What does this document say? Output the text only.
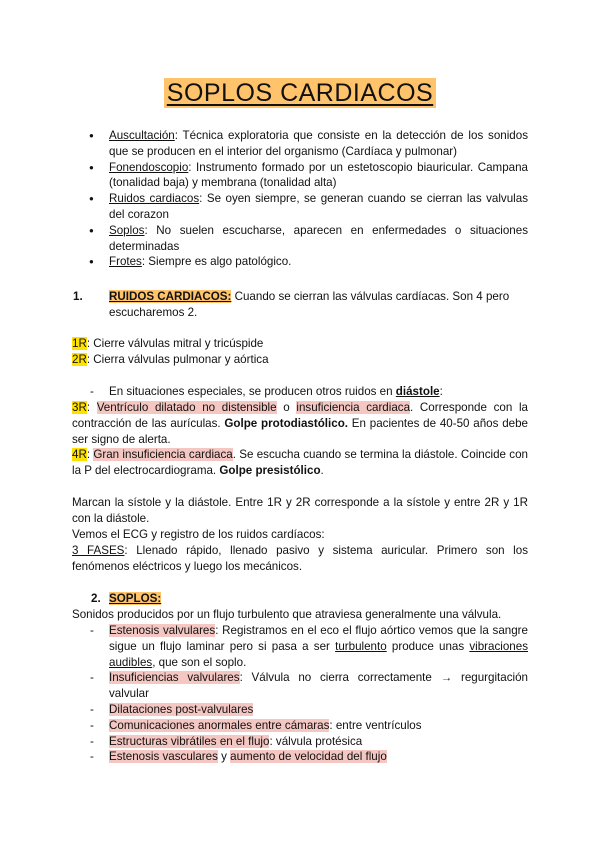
SOPLOS CARDIACOS
● Auscultación: Técnica exploratoria que consiste en la detección de los sonidos que se producen en el interior del organismo (Cardíaca y pulmonar)
● Fonendoscopio: Instrumento formado por un estetoscopio biauricular. Campana (tonalidad baja) y membrana (tonalidad alta)
● Ruidos cardiacos: Se oyen siempre, se generan cuando se cierran las valvulas del corazon
● Soplos: No suelen escucharse, aparecen en enfermedades o situaciones determinadas
● Frotes: Siempre es algo patológico.
1. RUIDOS CARDIACOS: Cuando se cierran las válvulas cardíacas. Son 4 pero escucharemos 2.
1R: Cierre válvulas mitral y tricúspide
2R: Cierra válvulas pulmonar y aórtica
- En situaciones especiales, se producen otros ruidos en diástole:
3R: Ventrículo dilatado no distensible o insuficiencia cardiaca. Corresponde con la contracción de las aurículas. Golpe protodiastólico. En pacientes de 40-50 años debe ser signo de alerta.
4R: Gran insuficiencia cardiaca. Se escucha cuando se termina la diástole. Coincide con la P del electrocardiograma. Golpe presistólico.
Marcan la sístole y la diástole. Entre 1R y 2R corresponde a la sístole y entre 2R y 1R con la diástole.
Vemos el ECG y registro de los ruidos cardíacos:
3 FASES: Llenado rápido, llenado pasivo y sistema auricular. Primero son los fenómenos eléctricos y luego los mecánicos.
2. SOPLOS:
Sonidos producidos por un flujo turbulento que atraviesa generalmente una válvula.
- Estenosis valvulares: Registramos en el eco el flujo aórtico vemos que la sangre sigue un flujo laminar pero si pasa a ser turbulento produce unas vibraciones audibles, que son el soplo.
- Insuficiencias valvulares: Válvula no cierra correctamente → regurgitación valvular
- Dilataciones post-valvulares
- Comunicaciones anormales entre cámaras: entre ventrículos
- Estructuras vibrátiles en el flujo: válvula protésica
- Estenosis vasculares y aumento de velocidad del flujo
